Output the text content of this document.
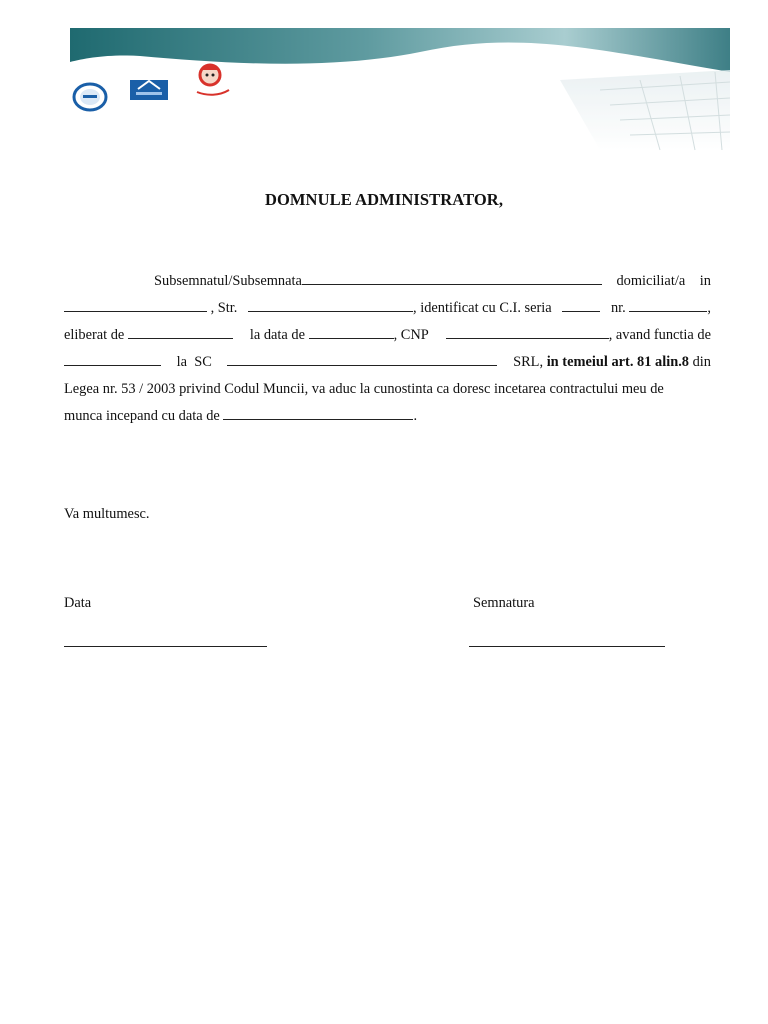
DOMNULE ADMINISTRATOR,
Subsemnatul/Subsemnata	domiciliat/a in
, Str.	, identificat cu C.I. seria	nr.	,
eliberat de	la data de	, CNP	, avand functia de
la SC	SRL, in temeiul art. 81 alin.8 din
Legea nr. 53 / 2003 privind Codul Muncii, va aduc la cunostinta ca doresc incetarea contractului meu de
munca incepand cu data de	.
Va multumesc.
Data	Semnatura
